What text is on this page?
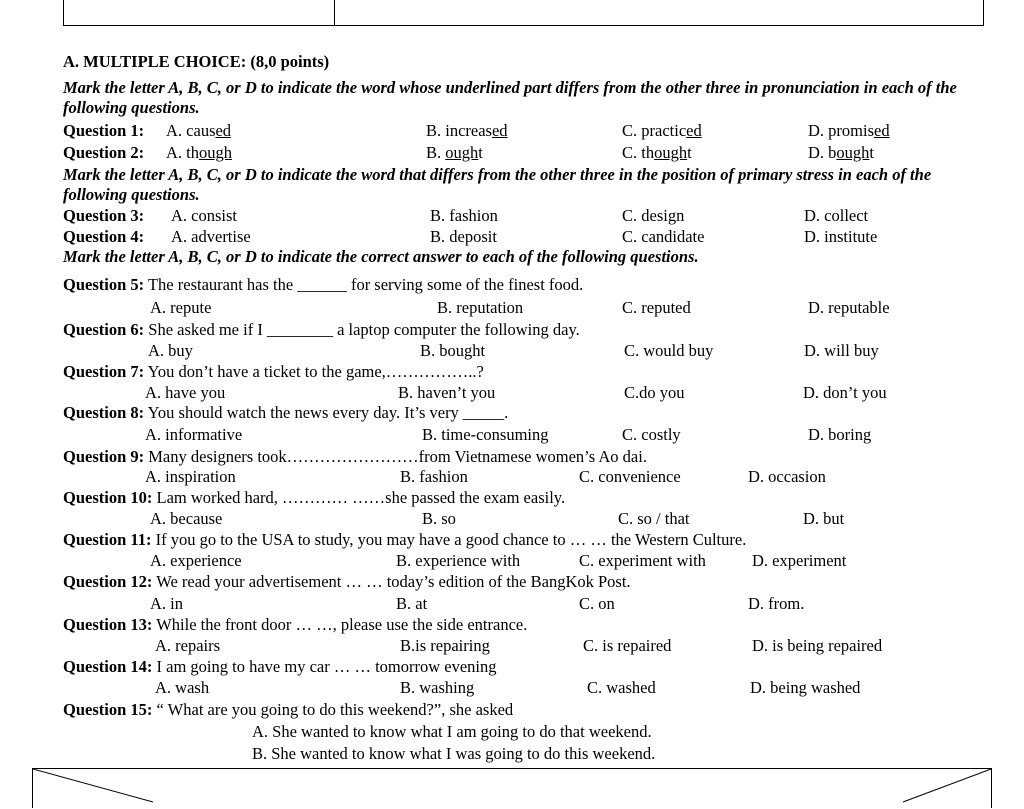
A. MULTIPLE CHOICE: (8,0 points)
Mark the letter A, B, C, or D to indicate the word whose underlined part differs from the other three in pronunciation in each of the following questions.
Question 1: A. caused	B. increased	C. practiced	D. promised
Question 2: A. though	B. ought	C. thought	D. bought
Mark the letter A, B, C, or D to indicate the word that differs from the other three in the position of primary stress in each of the following questions.
Question 3: A. consist	B. fashion	C. design	D. collect
Question 4: A. advertise	B. deposit	C. candidate	D. institute
Mark the letter A, B, C, or D to indicate the correct answer to each of the following questions.
Question 5: The restaurant has the ______ for serving some of the finest food.
A. repute	B. reputation	C. reputed	D. reputable
Question 6: She asked me if I ________ a laptop computer the following day.
A. buy	B. bought	C. would buy	D. will buy
Question 7: You don’t have a ticket to the game,……………..?
A. have you	B. haven’t you	C.do you	D. don’t you
Question 8: You should watch the news every day. It’s very _____.
A. informative	B. time-consuming	C. costly	D. boring
Question 9: Many designers took……………………from Vietnamese women’s Ao dai.
A. inspiration	B. fashion	C. convenience	D. occasion
Question 10: Lam worked hard, ………… ……she passed the exam easily.
A. because	B. so	C. so / that	D. but
Question 11: If you go to the USA to study, you may have a good chance to … … the Western Culture.
A. experience	B. experience with	C. experiment with	D. experiment
Question 12: We read your advertisement … … today’s edition of the BangKok Post.
A. in	B. at	C. on	D. from.
Question 13: While the front door … …, please use the side entrance.
A. repairs	B.is repairing	C. is repaired	D. is being repaired
Question 14: I am going to have my car … … tomorrow evening
A. wash	B. washing	C. washed	D. being washed
Question 15: “ What are you going to do this weekend?”, she asked
A. She wanted to know what I am going to do that weekend.
B. She wanted to know what I was going to do this weekend.
